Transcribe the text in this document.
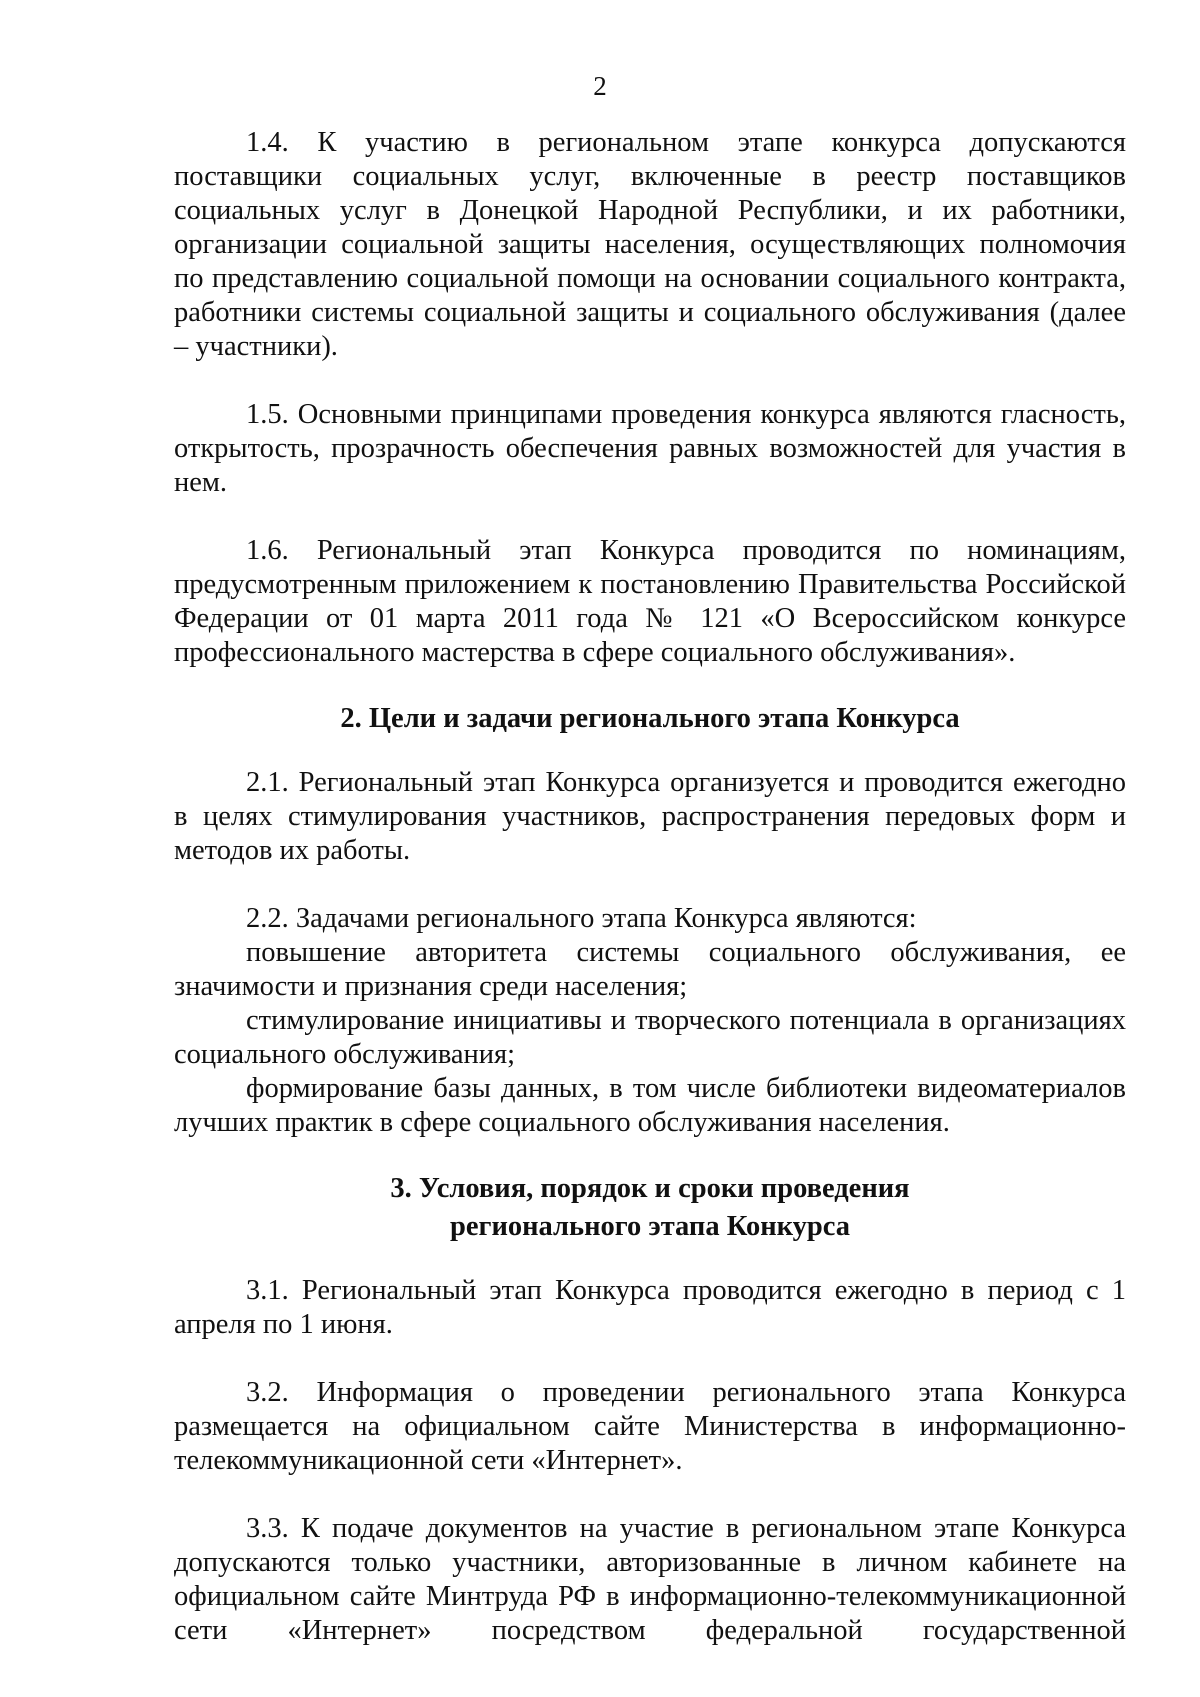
2

1.4. К участию в региональном этапе конкурса допускаются поставщики социальных услуг, включенные в реестр поставщиков социальных услуг в Донецкой Народной Республики, и их работники, организации социальной защиты населения, осуществляющих полномочия по представлению социальной помощи на основании социального контракта, работники системы социальной защиты и социального обслуживания (далее – участники).

1.5. Основными принципами проведения конкурса являются гласность, открытость, прозрачность обеспечения равных возможностей для участия в нем.

1.6. Региональный этап Конкурса проводится по номинациям, предусмотренным приложением к постановлению Правительства Российской Федерации от 01 марта 2011 года № 121 «О Всероссийском конкурсе профессионального мастерства в сфере социального обслуживания».

2. Цели и задачи регионального этапа Конкурса

2.1. Региональный этап Конкурса организуется и проводится ежегодно в целях стимулирования участников, распространения передовых форм и методов их работы.

2.2. Задачами регионального этапа Конкурса являются:

повышение авторитета системы социального обслуживания, ее значимости и признания среди населения;

стимулирование инициативы и творческого потенциала в организациях социального обслуживания;

формирование базы данных, в том числе библиотеки видеоматериалов лучших практик в сфере социального обслуживания населения.

3. Условия, порядок и сроки проведения
регионального этапа Конкурса

3.1. Региональный этап Конкурса проводится ежегодно в период с 1 апреля по 1 июня.

3.2. Информация о проведении регионального этапа Конкурса размещается на официальном сайте Министерства в информационно-телекоммуникационной сети «Интернет».

3.3. К подаче документов на участие в региональном этапе Конкурса допускаются только участники, авторизованные в личном кабинете на официальном сайте Минтруда РФ в информационно-телекоммуникационной сети «Интернет» посредством федеральной государственной
